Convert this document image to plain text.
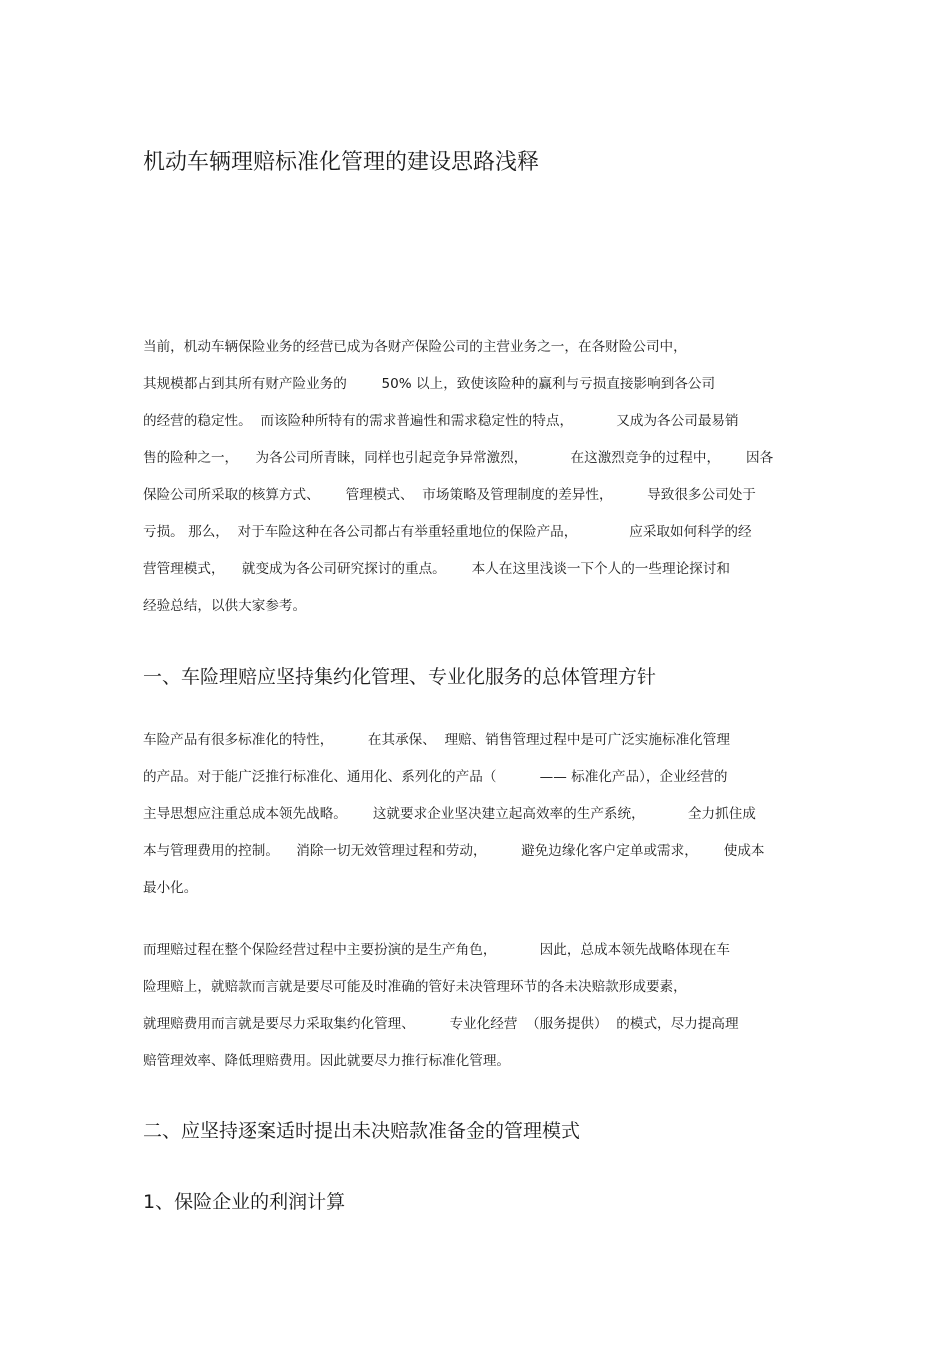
机动车辆理赔标准化管理的建设思路浅释
当前，机动车辆保险业务的经营已成为各财产保险公司的主营业务之一，在各财险公司中，
其规模都占到其所有财产险业务的        50% 以上，致使该险种的赢利与亏损直接影响到各公司
的经营的稳定性。  而该险种所特有的需求普遍性和需求稳定性的特点，          又成为各公司最易销
售的险种之一，    为各公司所青睐，同样也引起竞争异常激烈，          在这激烈竞争的过程中，      因各
保险公司所采取的核算方式、      管理模式、  市场策略及管理制度的差异性，        导致很多公司处于
亏损。 那么，  对于车险这种在各公司都占有举重轻重地位的保险产品，            应采取如何科学的经
营管理模式，    就变成为各公司研究探讨的重点。      本人在这里浅谈一下个人的一些理论探讨和
经验总结，以供大家参考。
一、车险理赔应坚持集约化管理、专业化服务的总体管理方针
车险产品有很多标准化的特性，        在其承保、  理赔、销售管理过程中是可广泛实施标准化管理
的产品。对于能广泛推行标准化、通用化、系列化的产品（          —— 标准化产品），企业经营的
主导思想应注重总成本领先战略。      这就要求企业坚决建立起高效率的生产系统，          全力抓住成
本与管理费用的控制。    消除一切无效管理过程和劳动，        避免边缘化客户定单或需求，      使成本
最小化。
而理赔过程在整个保险经营过程中主要扮演的是生产角色，          因此，总成本领先战略体现在车
险理赔上，就赔款而言就是要尽可能及时准确的管好未决管理环节的各未决赔款形成要素，
就理赔费用而言就是要尽力采取集约化管理、        专业化经营  （服务提供）  的模式，尽力提高理
赔管理效率、降低理赔费用。因此就要尽力推行标准化管理。
二、应坚持逐案适时提出未决赔款准备金的管理模式
1、保险企业的利润计算
